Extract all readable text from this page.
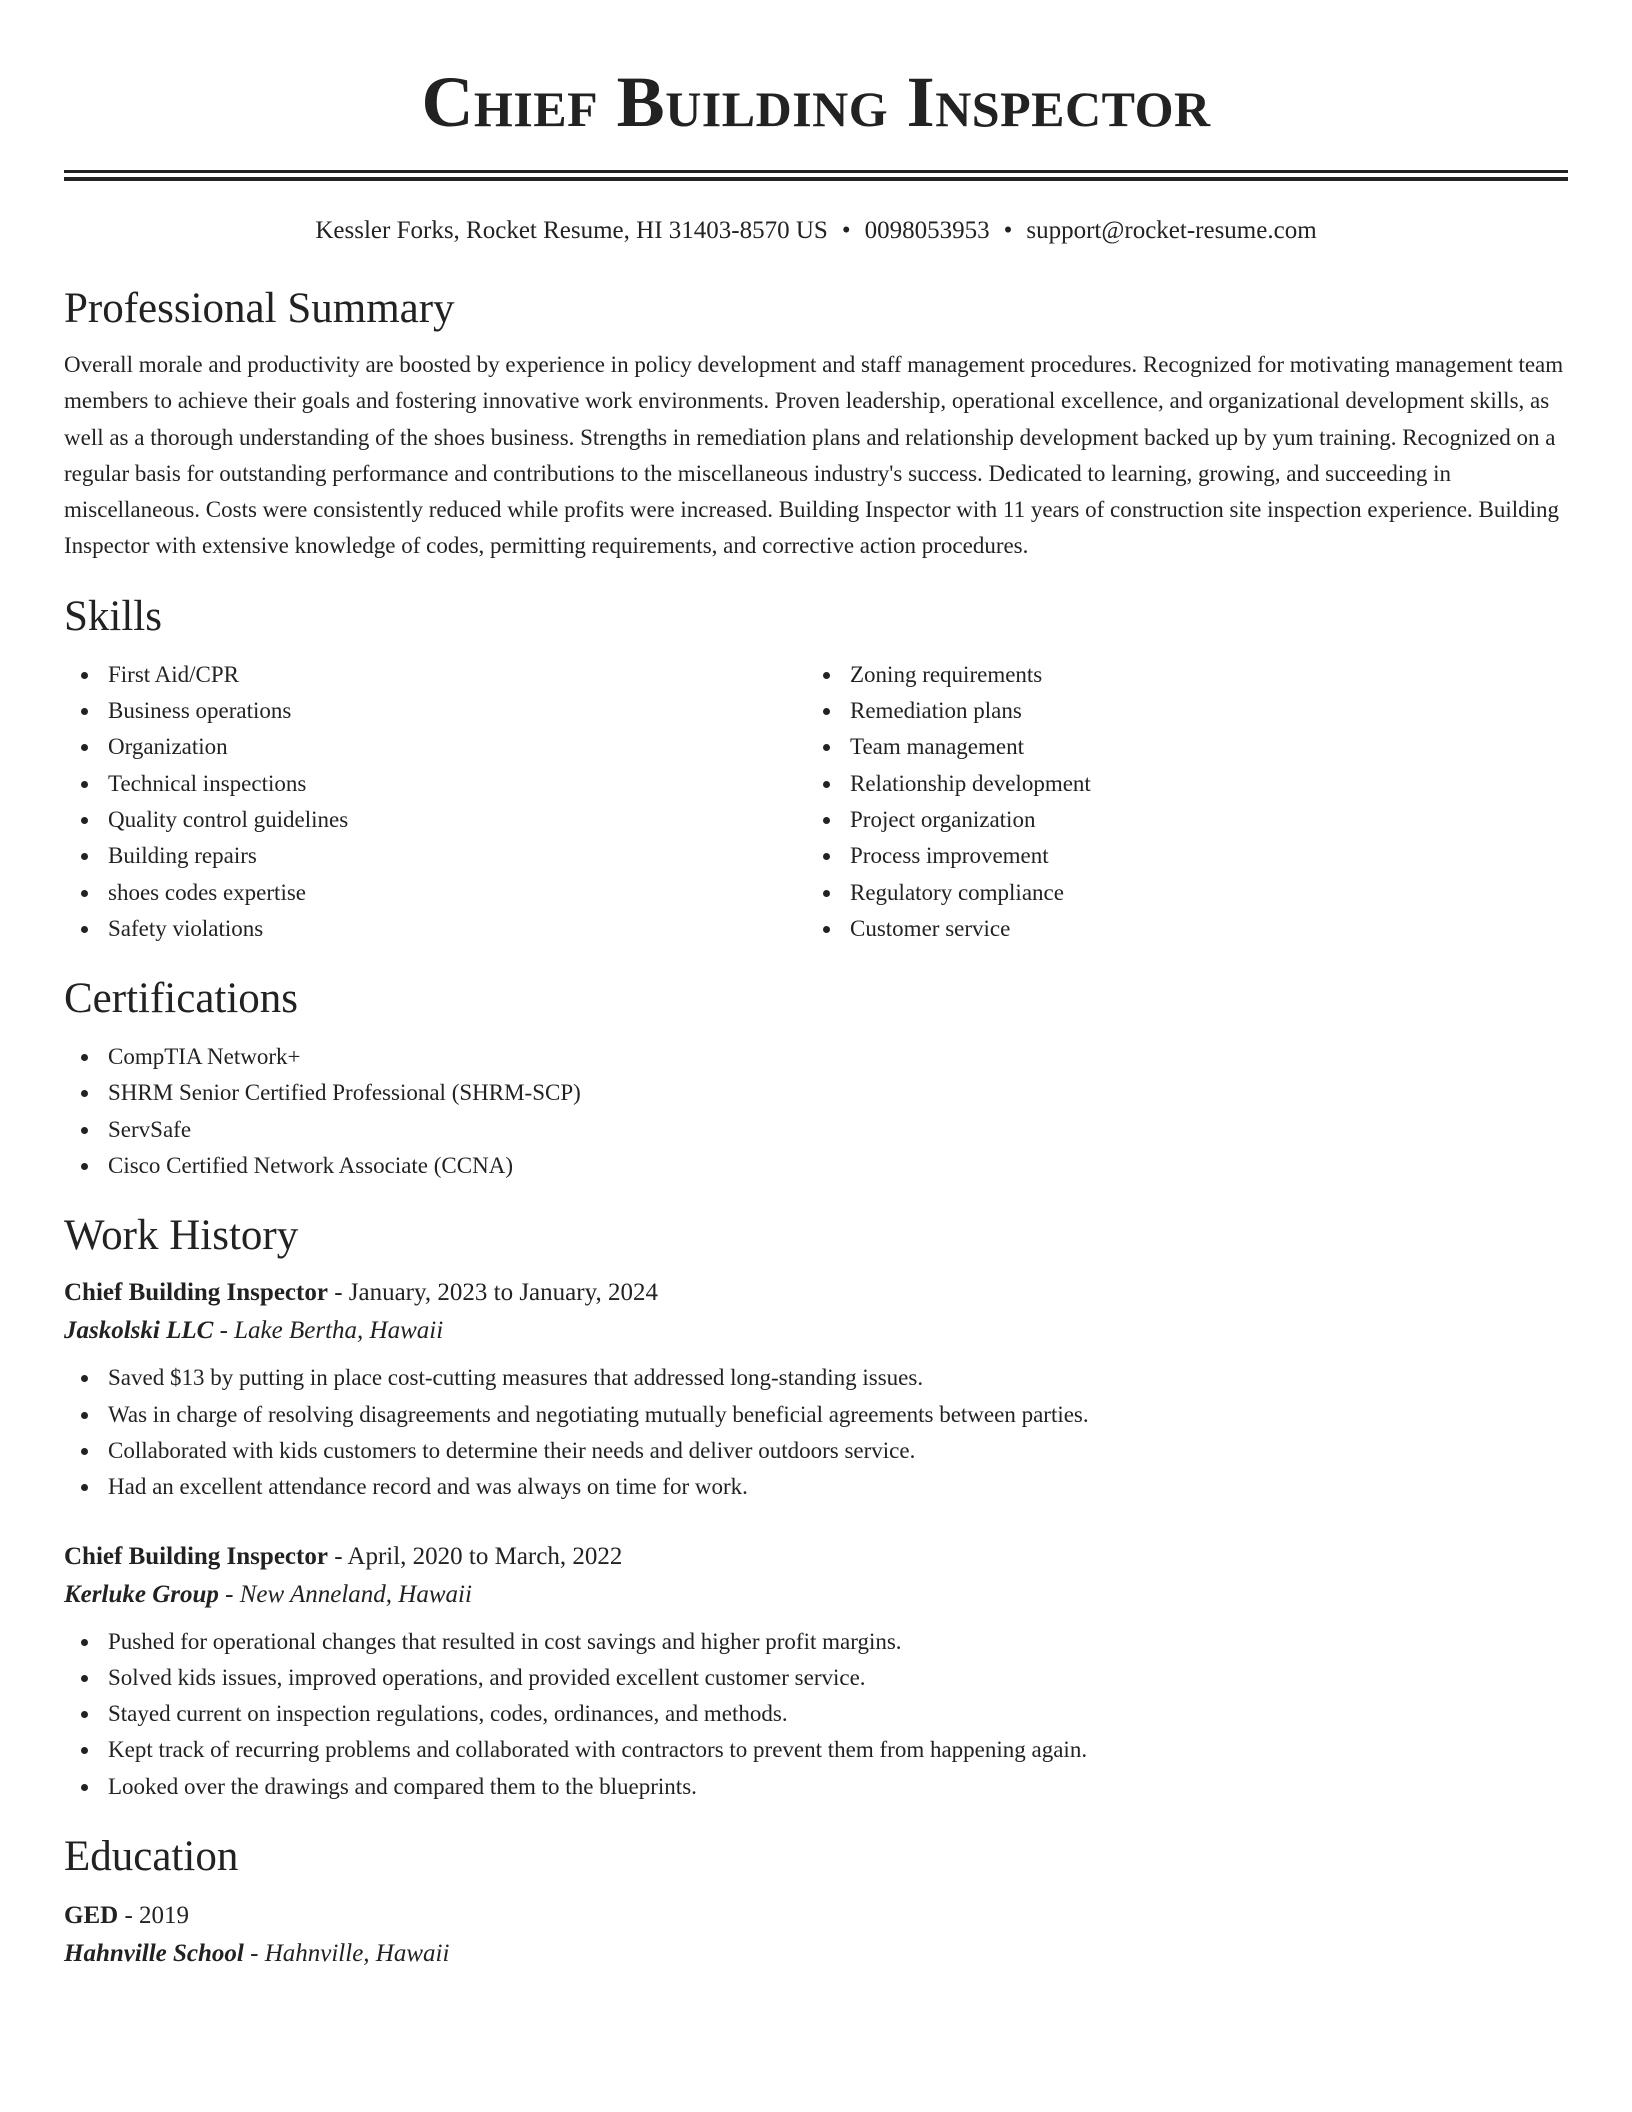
Chief Building Inspector
Kessler Forks, Rocket Resume, HI 31403-8570 US • 0098053953 • support@rocket-resume.com
Professional Summary

Overall morale and productivity are boosted by experience in policy development and staff management procedures. Recognized for motivating management team members to achieve their goals and fostering innovative work environments. Proven leadership, operational excellence, and organizational development skills, as well as a thorough understanding of the shoes business. Strengths in remediation plans and relationship development backed up by yum training. Recognized on a regular basis for outstanding performance and contributions to the miscellaneous industry's success. Dedicated to learning, growing, and succeeding in miscellaneous. Costs were consistently reduced while profits were increased. Building Inspector with 11 years of construction site inspection experience. Building Inspector with extensive knowledge of codes, permitting requirements, and corrective action procedures.

Skills
First Aid/CPR
Business operations
Organization
Technical inspections
Quality control guidelines
Building repairs
shoes codes expertise
Safety violations
Zoning requirements
Remediation plans
Team management
Relationship development
Project organization
Process improvement
Regulatory compliance
Customer service
Certifications
CompTIA Network+
SHRM Senior Certified Professional (SHRM-SCP)
ServSafe
Cisco Certified Network Associate (CCNA)
Work History
Chief Building Inspector - January, 2023 to January, 2024
Jaskolski LLC - Lake Bertha, Hawaii
Saved $13 by putting in place cost-cutting measures that addressed long-standing issues.
Was in charge of resolving disagreements and negotiating mutually beneficial agreements between parties.
Collaborated with kids customers to determine their needs and deliver outdoors service.
Had an excellent attendance record and was always on time for work.
Chief Building Inspector - April, 2020 to March, 2022
Kerluke Group - New Anneland, Hawaii
Pushed for operational changes that resulted in cost savings and higher profit margins.
Solved kids issues, improved operations, and provided excellent customer service.
Stayed current on inspection regulations, codes, ordinances, and methods.
Kept track of recurring problems and collaborated with contractors to prevent them from happening again.
Looked over the drawings and compared them to the blueprints.
Education
GED - 2019
Hahnville School - Hahnville, Hawaii
